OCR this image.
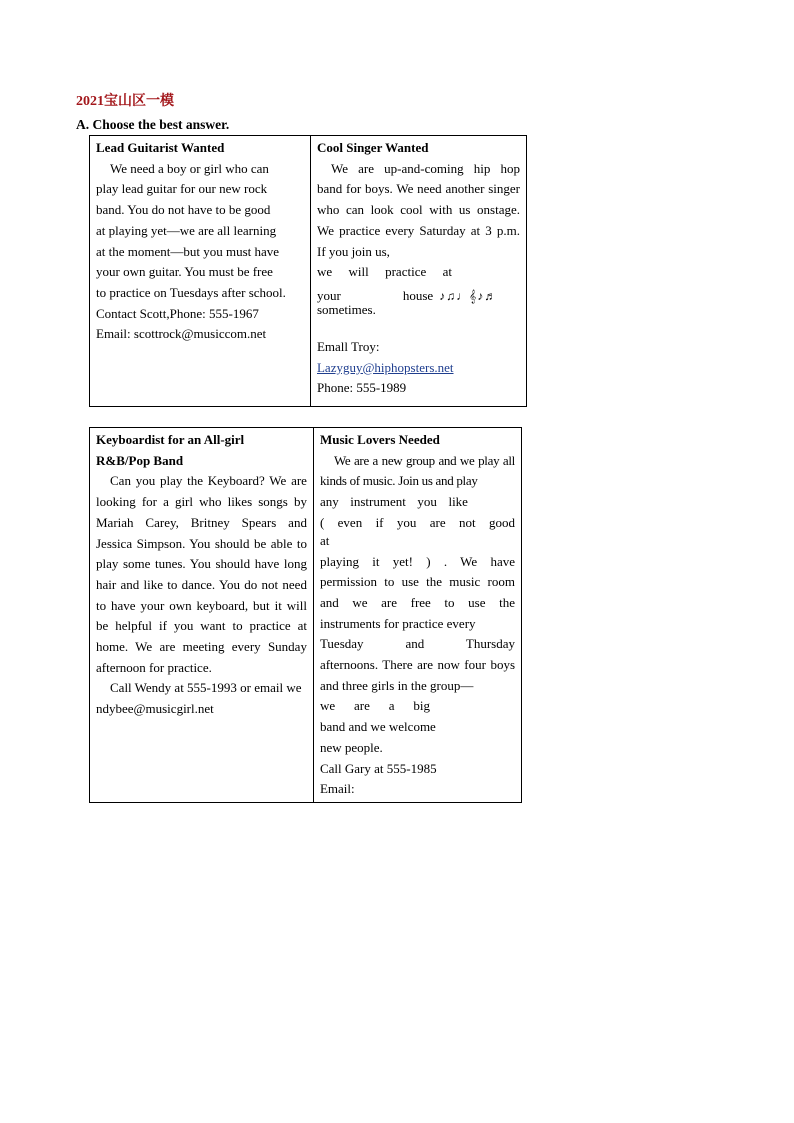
2021宝山区一模
A. Choose the best answer.
Lead Guitarist Wanted
We need a boy or girl who can
play lead guitar for our new rock
band. You do not have to be good
at playing yet—we are all learning
at the moment—but you must have
your own guitar. You must be free
to practice on Tuesdays after school.
Contact Scott,Phone: 555-1967
Email: scottrock@musiccom.net
Cool Singer Wanted
We are up-and-coming hip hop band for boys. We need another singer who can look cool with us onstage. We practice every Saturday at 3 p.m. If you join us,
we will practice at
your	house ♪♫♩𝄞♪♬
sometimes.
Emall Troy:
Lazyguy@hiphopsters.net
Phone: 555-1989
Keyboardist for an All-girl
R&B/Pop Band
Can you play the Keyboard? We are looking for a girl who likes songs by Mariah Carey, Britney Spears and Jessica Simpson. You should be able to play some tunes. You should have long hair and like to dance. You do not need to have your own keyboard, but it will be helpful if you want to practice at home. We are meeting every Sunday afternoon for practice.
Call Wendy at 555-1993 or email wendybee@musicgirl.net
Music Lovers Needed
We are a new group and we play all kinds of music. Join us and play
any instrument you like
( even if you are not good
at
playing it yet! ) . We have
permission to use the music room and we are free to use the instruments for practice every
Tuesday and Thursday
afternoons. There are now four boys and three girls in the group—
we are a big
band and we welcome
new people.
Call Gary at 555-1985
Email:
